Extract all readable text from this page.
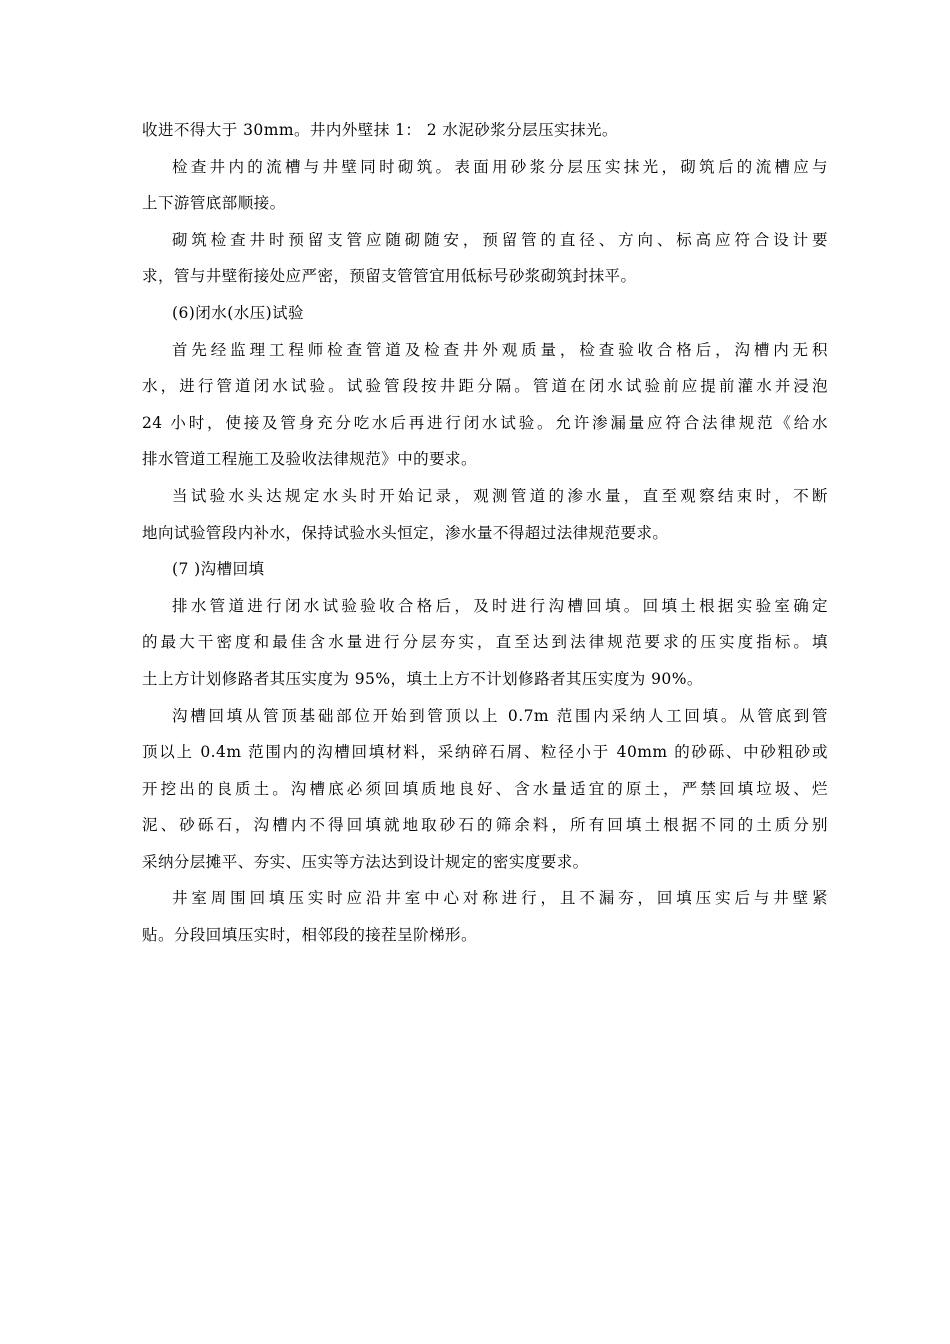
收进不得大于 30mm。井内外壁抹 1： 2 水泥砂浆分层压实抹光。
检查井内的流槽与井壁同时砌筑。表面用砂浆分层压实抹光，砌筑后的流槽应与
上下游管底部顺接。
砌筑检查井时预留支管应随砌随安，预留管的直径、方向、标高应符合设计要
求，管与井壁衔接处应严密，预留支管管宜用低标号砂浆砌筑封抹平。
(6)闭水(水压)试验
首先经监理工程师检查管道及检查井外观质量，检查验收合格后，沟槽内无积
水，进行管道闭水试验。试验管段按井距分隔。管道在闭水试验前应提前灌水并浸泡
24 小时，使接及管身充分吃水后再进行闭水试验。允许渗漏量应符合法律规范《给水
排水管道工程施工及验收法律规范》中的要求。
当试验水头达规定水头时开始记录，观测管道的渗水量，直至观察结束时，不断
地向试验管段内补水，保持试验水头恒定，渗水量不得超过法律规范要求。
(7 )沟槽回填
排水管道进行闭水试验验收合格后，及时进行沟槽回填。回填土根据实验室确定
的最大干密度和最佳含水量进行分层夯实，直至达到法律规范要求的压实度指标。填
土上方计划修路者其压实度为 95%，填土上方不计划修路者其压实度为 90%。
沟槽回填从管顶基础部位开始到管顶以上 0.7m 范围内采纳人工回填。从管底到管
顶以上 0.4m 范围内的沟槽回填材料，采纳碎石屑、粒径小于 40mm 的砂砾、中砂粗砂或
开挖出的良质土。沟槽底必须回填质地良好、含水量适宜的原土，严禁回填垃圾、烂
泥、砂砾石，沟槽内不得回填就地取砂石的筛余料，所有回填土根据不同的土质分别
采纳分层摊平、夯实、压实等方法达到设计规定的密实度要求。
井室周围回填压实时应沿井室中心对称进行，且不漏夯，回填压实后与井壁紧
贴。分段回填压实时，相邻段的接茬呈阶梯形。
